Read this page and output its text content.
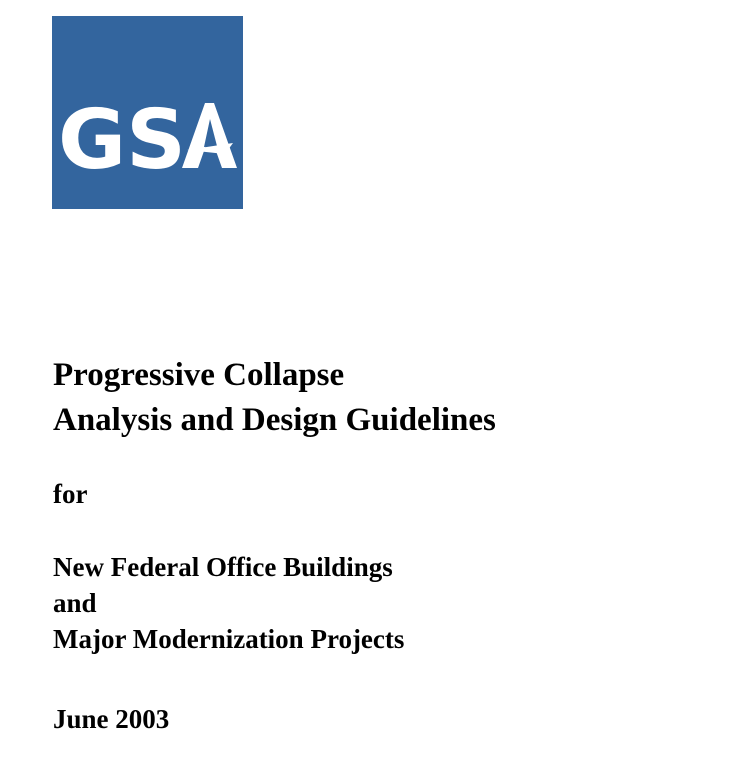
GS
Progressive Collapse
Analysis and Design Guidelines
for
New Federal Office Buildings
and
Major Modernization Projects
June 2003
